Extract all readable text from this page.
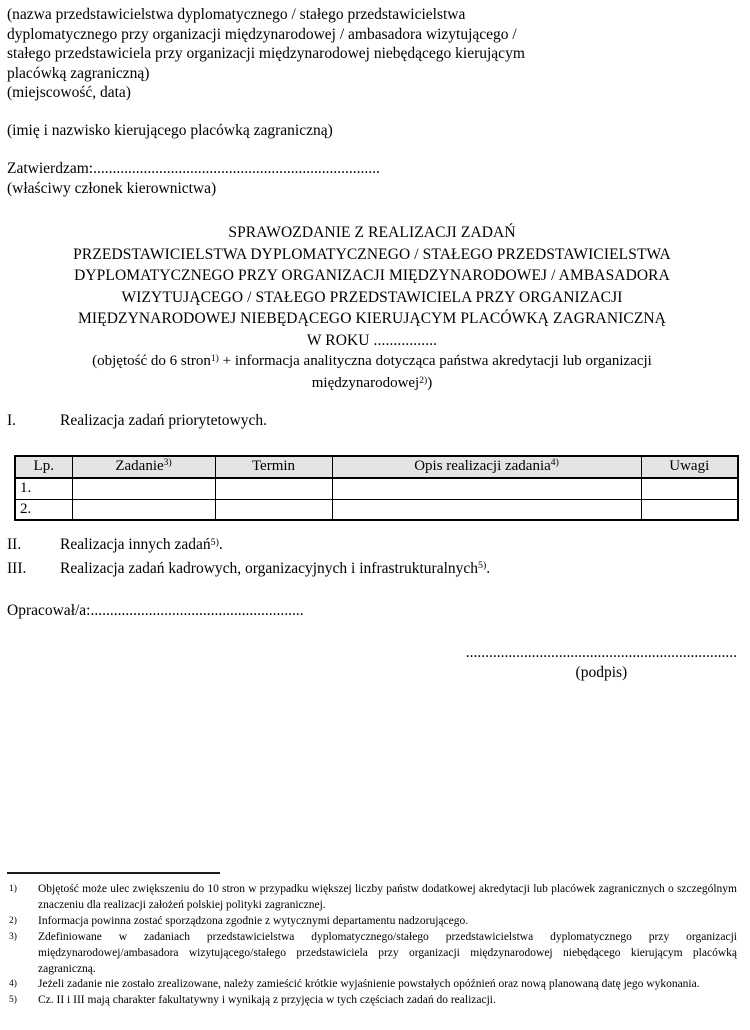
(nazwa przedstawicielstwa dyplomatycznego / stałego przedstawicielstwa
dyplomatycznego przy organizacji międzynarodowej / ambasadora wizytującego /
stałego przedstawiciela przy organizacji międzynarodowej niebędącego kierującym
placówką zagraniczną)
(miejscowość, data)
(imię i nazwisko kierującego placówką zagraniczną)
Zatwierdzam:..........................................................................
(właściwy członek kierownictwa)
SPRAWOZDANIE Z REALIZACJI ZADAŃ
PRZEDSTAWICIELSTWA DYPLOMATYCZNEGO / STAŁEGO PRZEDSTAWICIELSTWA
DYPLOMATYCZNEGO PRZY ORGANIZACJI MIĘDZYNARODOWEJ / AMBASADORA
WIZYTUJĄCEGO / STAŁEGO PRZEDSTAWICIELA PRZY ORGANIZACJI
MIĘDZYNARODOWEJ NIEBĘDĄCEGO KIERUJĄCYM PLACÓWKĄ ZAGRANICZNĄ
W ROKU ................
(objętość do 6 stron$^{1)}$ + informacja analityczna dotycząca państwa akredytacji lub organizacji
międzynarodowej$^{2)}$)
I.	Realizacja zadań priorytetowych.
Lp.	Zadanie$^{3)}$	Termin	Opis realizacji zadania$^{4)}$	Uwagi
1.				
2.				
II.	Realizacja innych zadań$^{5)}$.
III.	Realizacja zadań kadrowych, organizacyjnych i infrastrukturalnych$^{5)}$.
Opracował/a:.......................................................
......................................................................
(podpis)
1) Objętość może ulec zwiększeniu do 10 stron w przypadku większej liczby państw dodatkowej akredytacji lub placówek zagranicznych o szczególnym znaczeniu dla realizacji założeń polskiej polityki zagranicznej.
2) Informacja powinna zostać sporządzona zgodnie z wytycznymi departamentu nadzorującego.
3) Zdefiniowane w zadaniach przedstawicielstwa dyplomatycznego/stałego przedstawicielstwa dyplomatycznego przy organizacji międzynarodowej/ambasadora wizytującego/stałego przedstawiciela przy organizacji międzynarodowej niebędącego kierującym placówką zagraniczną.
4) Jeżeli zadanie nie zostało zrealizowane, należy zamieścić krótkie wyjaśnienie powstałych opóźnień oraz nową planowaną datę jego wykonania.
5) Cz. II i III mają charakter fakultatywny i wynikają z przyjęcia w tych częściach zadań do realizacji.
